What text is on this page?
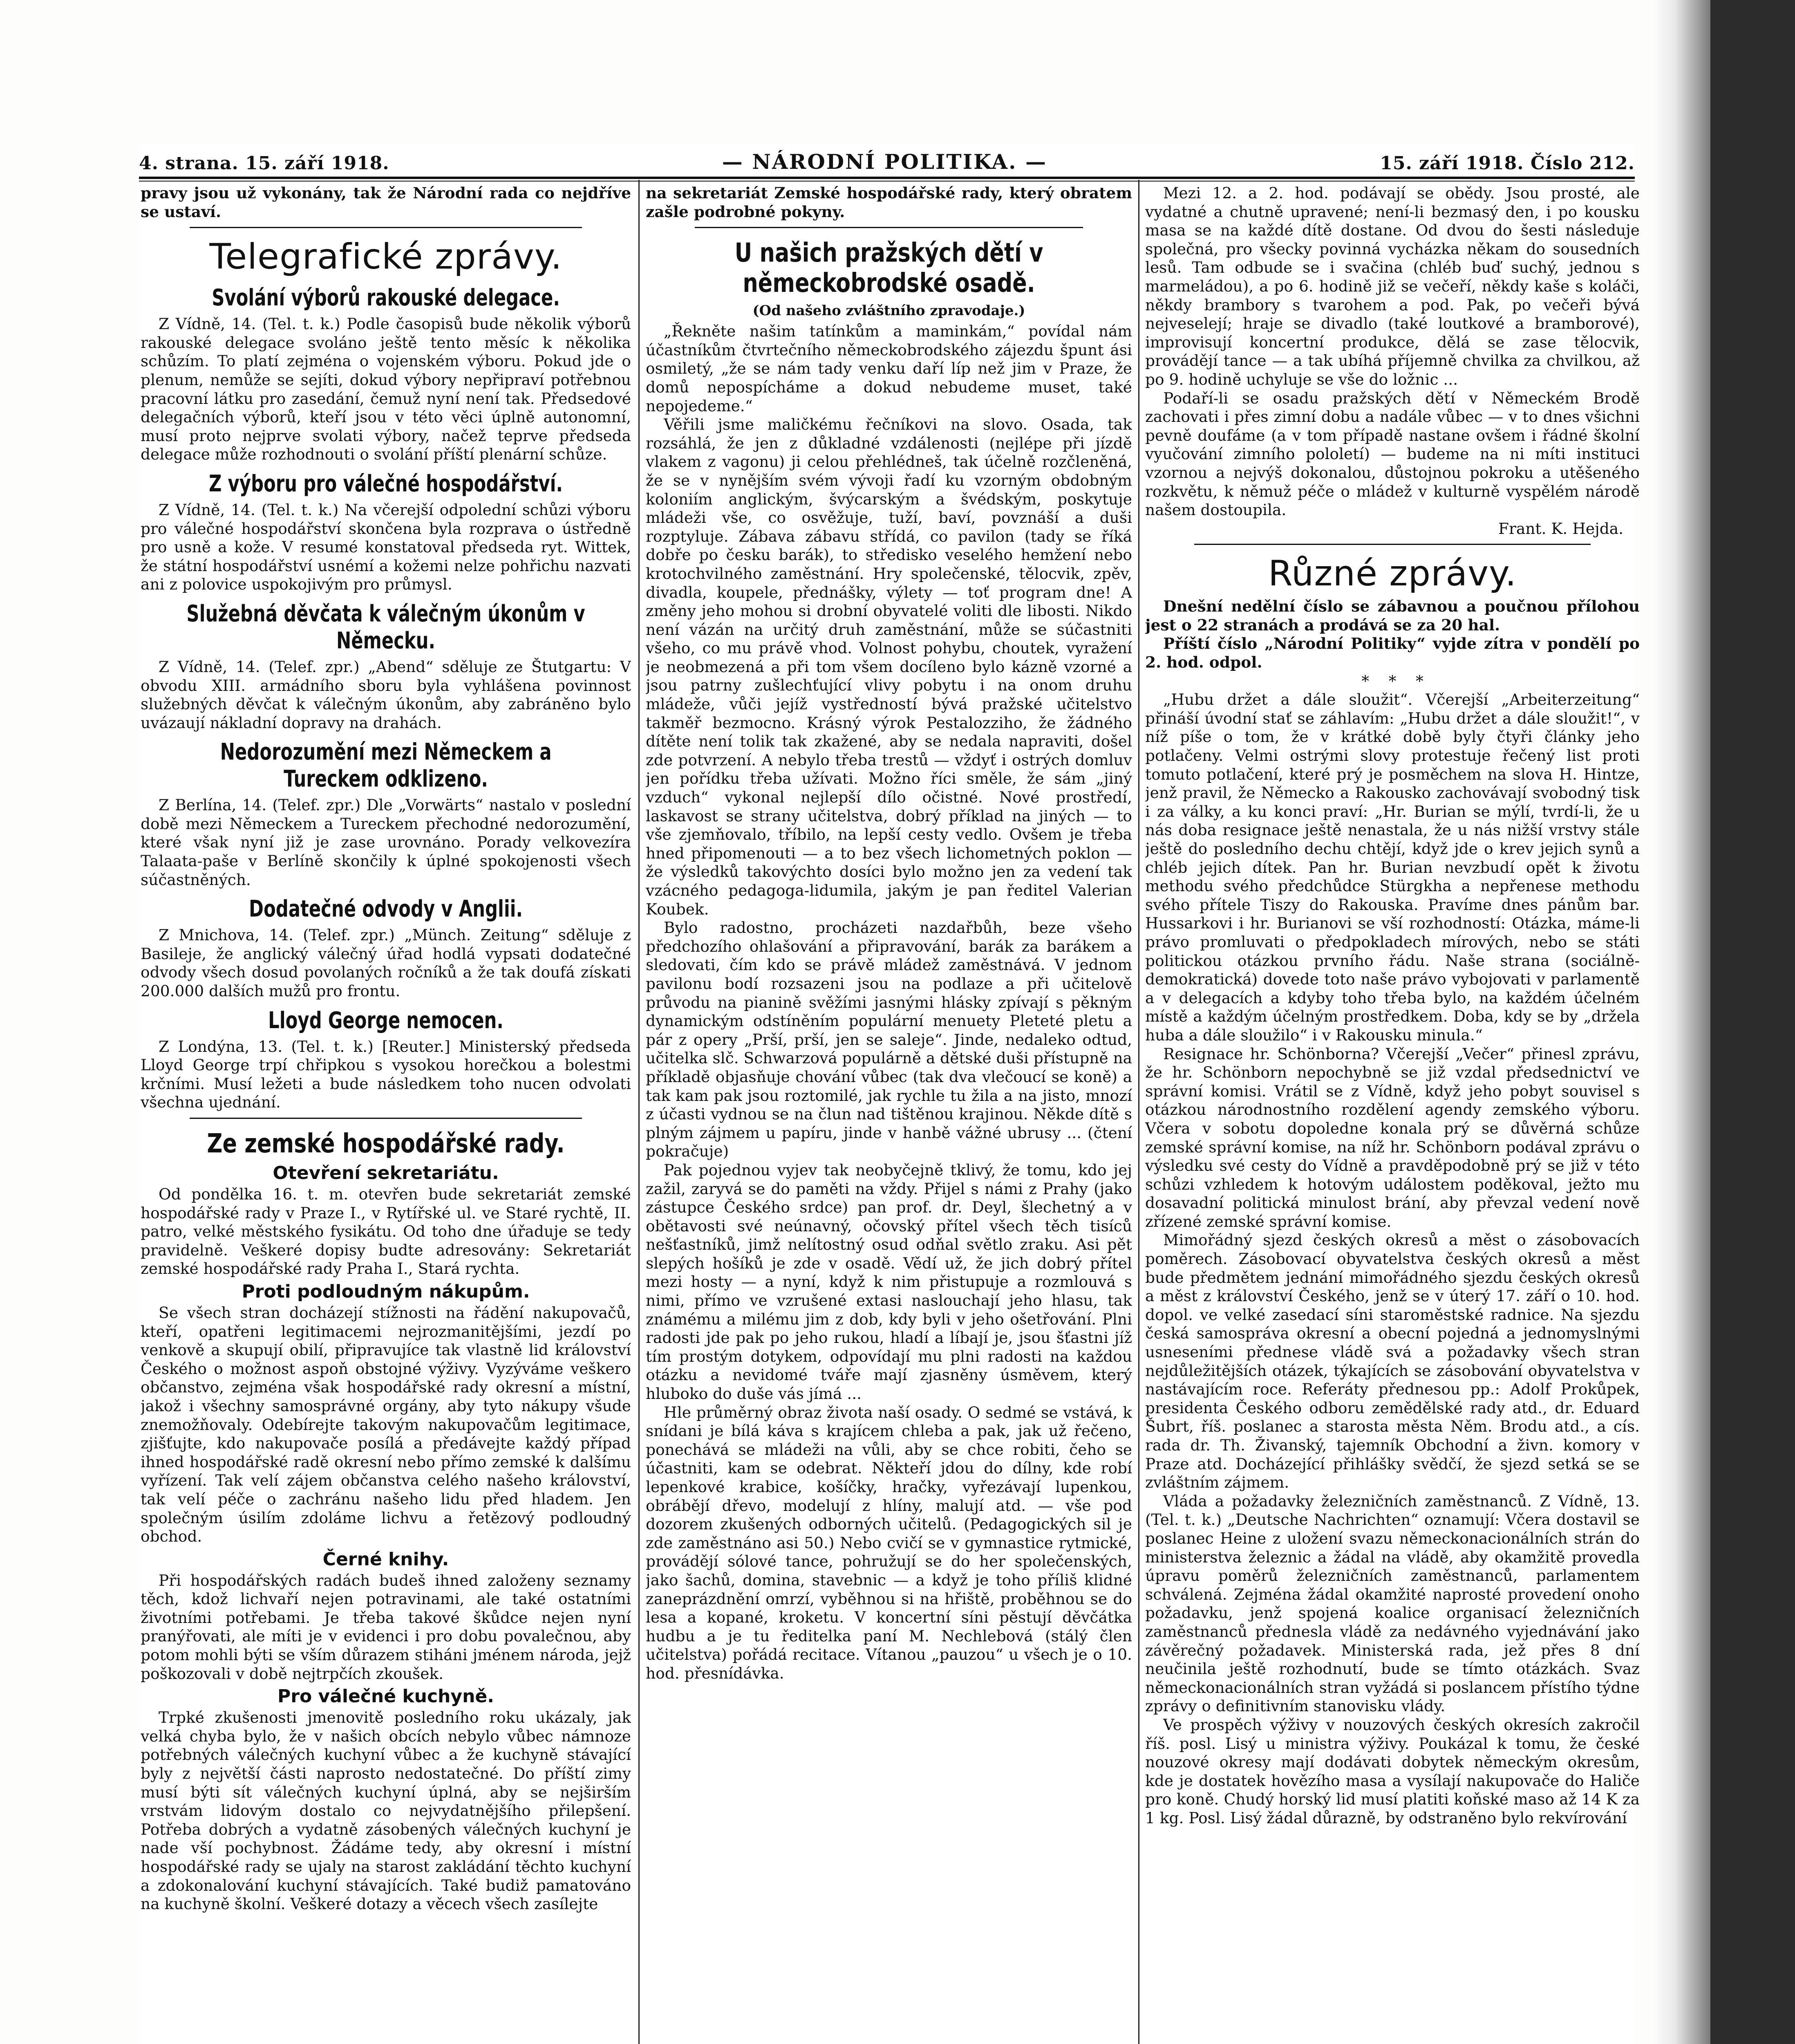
4. strana. 15. září 1918.	— NÁRODNÍ POLITIKA. —	15. září 1918. Číslo 212.

pravy jsou už vykonány, tak že Národní rada co nejdříve se ustaví.

Telegrafické zprávy.
Svolání výborů rakouské delegace.

Z Vídně, 14. (Tel. t. k.) Podle časopisů bude několik výborů rakouské delegace svoláno ještě tento měsíc k několika schůzím. To platí zejména o vojenském výboru. Pokud jde o plenum, nemůže se sejíti, dokud výbory nepřipraví potřebnou pracovní látku pro zasedání, čemuž nyní není tak. Předsedové delegačních výborů, kteří jsou v této věci úplně autonomní, musí proto nejprve svolati výbory, načež teprve předseda delegace může rozhodnouti o svolání příští plenární schůze.

Z výboru pro válečné hospodářství.

Z Vídně, 14. (Tel. t. k.) Na včerejší odpolední schůzi výboru pro válečné hospodářství skončena byla rozprava o ústředně pro usně a kože. V resumé konstatoval předseda ryt. Wittek, že státní hospodářství usnémí a kožemi nelze pohřichu nazvati ani z polovice uspokojivým pro průmysl.

Služebná děvčata k válečným úkonům v Německu.

Z Vídně, 14. (Telef. zpr.) „Abend“ sděluje ze Štutgartu: V obvodu XIII. armádního sboru byla vyhlášena povinnost služebných děvčat k válečným úkonům, aby zabráněno bylo uvázaují nákladní dopravy na drahách.

Nedorozumění mezi Německem a Tureckem odklizeno.

Z Berlína, 14. (Telef. zpr.) Dle „Vorwärts“ nastalo v poslední době mezi Německem a Tureckem přechodné nedorozumění, které však nyní již je zase urovnáno. Porady velkovezíra Talaata-paše v Berlíně skončily k úplné spokojenosti všech súčastněných.

Dodatečné odvody v Anglii.

Z Mnichova, 14. (Telef. zpr.) „Münch. Zeitung“ sděluje z Basileje, že anglický válečný úřad hodlá vypsati dodatečné odvody všech dosud povolaných ročníků a že tak doufá získati 200.000 dalších mužů pro frontu.

Lloyd George nemocen.

Z Londýna, 13. (Tel. t. k.) [Reuter.] Ministerský předseda Lloyd George trpí chřipkou s vysokou horečkou a bolestmi krčními. Musí ležeti a bude následkem toho nucen odvolati všechna ujednání.

Ze zemské hospodářské rady.
Otevření sekretariátu.

Od pondělka 16. t. m. otevřen bude sekretariát zemské hospodářské rady v Praze I., v Rytířské ul. ve Staré rychtě, II. patro, velké městského fysikátu. Od toho dne úřaduje se tedy pravidelně. Veškeré dopisy budte adresovány: Sekretariát zemské hospodářské rady Praha I., Stará rychta.

Proti podloudným nákupům.

Se všech stran docházejí stížnosti na řádění nakupovačů, kteří, opatřeni legitimacemi nejrozmanitějšími, jezdí po venkově a skupují obilí, připravujíce tak vlastně lid království Českého o možnost aspoň obstojné výživy. Vyzýváme veškero občanstvo, zejména však hospodářské rady okresní a místní, jakož i všechny samosprávné orgány, aby tyto nákupy všude znemožňovaly. Odebírejte takovým nakupovačům legitimace, zjišťujte, kdo nakupovače posílá a předávejte každý případ ihned hospodářské radě okresní nebo přímo zemské k dalšímu vyřízení. Tak velí zájem občanstva celého našeho království, tak velí péče o zachránu našeho lidu před hladem. Jen společným úsilím zdoláme lichvu a řetězový podloudný obchod.

Černé knihy.

Při hospodářských radách budeš ihned založeny seznamy těch, kdož lichvaří nejen potravinami, ale také ostatními životními potřebami. Je třeba takové škůdce nejen nyní pranýřovati, ale míti je v evidenci i pro dobu povalečnou, aby potom mohli býti se vším důrazem stiháni jménem národa, jejž poškozovali v době nejtrpčích zkoušek.

Pro válečné kuchyně.

Trpké zkušenosti jmenovitě posledního roku ukázaly, jak velká chyba bylo, že v našich obcích nebylo vůbec námnoze potřebných válečných kuchyní vůbec a že kuchyně stávající byly z největší části naprosto nedostatečné. Do příští zimy musí býti sít válečných kuchyní úplná, aby se nejširším vrstvám lidovým dostalo co nejvydatnějšího přilepšení. Potřeba dobrých a vydatně zásobených válečných kuchyní je nade vší pochybnost. Žádáme tedy, aby okresní i místní hospodářské rady se ujaly na starost zakládání těchto kuchyní a zdokonalování kuchyní stávajících. Také budiž pamatováno na kuchyně školní. Veškeré dotazy a věcech všech zasílejte

na sekretariát Zemské hospodářské rady, který obratem zašle podrobné pokyny.

U našich pražských dětí v německobrodské osadě.
(Od našeho zvláštního zpravodaje.)

„Řekněte našim tatínkům a maminkám,“ povídal nám účastníkům čtvrtečního německobrodského zájezdu špunt ási osmiletý, „že se nám tady venku daří líp než jim v Praze, že domů nepospícháme a dokud nebudeme muset, také nepojedeme.“

Věřili jsme maličkému řečníkovi na slovo. Osada, tak rozsáhlá, že jen z důkladné vzdálenosti (nejlépe při jízdě vlakem z vagonu) ji celou přehlédneš, tak účelně rozčleněná, že se v nynějším svém vývoji řadí ku vzorným obdobným koloniím anglickým, švýcarským a švédským, poskytuje mládeži vše, co osvěžuje, tuží, baví, povznáší a duši rozptyluje. Zábava zábavu střídá, co pavilon (tady se říká dobře po česku barák), to středisko veselého hemžení nebo krotochvilného zaměstnání. Hry společenské, tělocvik, zpěv, divadla, koupele, předn​ášky, výlety — toť program dne! A změny jeho mohou si drobní obyvatelé voliti dle libosti. Nikdo není vázán na určitý druh zaměstnání, může se súčastniti všeho, co mu právě vhod. Volnost pohybu, choutek, vyražení je neobmezená a při tom všem docíleno bylo kázně vzorné a jsou patrny zušlechťující vlivy pobytu i na onom druhu mládeže, vůči jejíž vystředností bývá pražské učitelstvo takměř bezmocno. Krásný výrok Pestalozziho, že žádného dítěte není tolik tak zkažené, aby se nedala napraviti, došel zde potvrzení. A nebylo třeba trestů — vždyť i ostrých domluv jen pořídku třeba užívati. Možno říci směle, že sám „jiný vzduch“ vykonal nejlepší dílo očistné. Nové prostředí, laskavost se strany učitelstva, dobrý příklad na jiných — to vše zjemňovalo, tříbilo, na lepší cesty vedlo. Ovšem je třeba hned připomenouti — a to bez všech lichometných poklon — že výsledků takovýchto dosíci bylo možno jen za vedení tak vzácného pedagoga-lidumila, jakým je pan ředitel Valerian Koubek.

Bylo radostno, procházeti nazdařbůh, beze všeho předchozího ohlašování a připravování, barák za barákem a sledovati, čím kdo se právě mládež zaměstnává. V jednom pavilonu bodí rozsazeni jsou na podlaze a při učitelově průvodu na pianině svěžími jasnými hlásky zpívají s pěkným dynamickým odstíněním populární menuety Pleteté pletu a pár z opery „Prší, prší, jen se saleje“. Jinde, nedaleko odtud, učitelka slč. Schwarzová populárně a dětské duši přístupně na příkladě objasňuje chování vůbec (tak dva vlečoucí se koně) a tak kam pak jsou roztomilé, jak rychle tu žila a na jisto, mnozí z účasti vydnou se na člun nad tištěnou krajinou. Někde dítě s plným zájmem u papíru, jinde v hanbě vážné ubrusy ... (čtení pokračuje)

Pak pojednou vyjev tak neobyčejně tklivý, že tomu, kdo jej zažil, zaryvá se do paměti na vždy. Přijel s námi z Prahy (jako zástupce Českého srdce) pan prof. dr. Deyl, šlechetný a v obětavosti své neúnavný, očovský přítel všech těch tisíců nešťastníků, jimž nelítostný osud odňal světlo zraku. Asi pět slepých hošíků je zde v osadě. Vědí už, že jich dobrý přítel mezi hosty — a nyní, když k nim přistupuje a rozmlouvá s nimi, přímo ve vzrušené extasi naslouchají jeho hlasu, tak známému a milému jim z dob, kdy byli v jeho ošetřování. Plni radosti jde pak po jeho rukou, hladí a líbají je, jsou šťastni jíž tím prostým dotykem, odpovídají mu plni radosti na každou otázku a nevidomé tváře mají zjasněny úsměvem, který hluboko do duše vás jímá ...

Hle průměrný obraz života naší osady. O sedmé se vstává, k snídani je bílá káva s krajícem chleba a pak, jak už řečeno, ponechává se mládeži na vůli, aby se chce robiti, čeho se účastniti, kam se odebrat. Někteří jdou do dílny, kde robí lepenkové krabice, košíčky, hračky, vyřezávají lupenkou, obrábějí dřevo, modelují z hlíny, malují atd. — vše pod dozorem zkušených odborných učitelů. (Pedagogických sil je zde zaměstnáno asi 50.) Nebo cvičí se v gymnastice rytmické, provádějí sólové tance, pohružují se do her společenských, jako šachů, domina, stavebnic — a když je toho příliš klidné zaneprázdnění omrzí, vyběhnou si na hřiště, proběhnou se do lesa a kopané, kroketu. V koncertní síni pěstují děvčátka hudbu a je tu ředitelka paní M. Nechlebová (stálý člen učitelstva) pořádá recitace. Vítanou „pauzou“ u všech je o 10. hod. přesnídávka.

Mezi 12. a 2. hod. podávají se obědy. Jsou prosté, ale vydatné a chutně upravené; není-li bezmasý den, i po kousku masa se na každé dítě dostane. Od dvou do šesti následuje společná, pro všecky povinná vycházka někam do sousedních lesů. Tam odbude se i svačina (chléb buď suchý, jednou s marmeládou), a po 6. hodině již se večeří, někdy kaše s koláči, někdy brambory s tvarohem a pod. Pak, po večeři bývá nejveselejí; hraje se divadlo (také loutkové a bramborové), improvisují koncertní produkce, dělá se zase tělocvik, provádějí tance — a tak ubíhá příjemně chvilka za chvilkou, až po 9. hodině uchyluje se vše do ložnic ...

Podaří-li se osadu pražských dětí v Německém Brodě zachovati i přes zimní dobu a nadále vůbec — v to dnes všichni pevně doufáme (a v tom případě nastane ovšem i řádné školní vyučování zimního pololetí) — budeme na ni míti instituci vzornou a nejvýš dokonalou, důstojnou pokroku a utěšeného rozkvětu, k němuž péče o mládež v kulturně vyspělém národě našem dostoupila.

Frant. K. Hejda.

Různé zprávy.

Dnešní nedělní číslo se zábavnou a poučnou přílohou jest o 22 stranách a prodává se za 20 hal.

Příští číslo „Národní Politiky“ vyjde zítra v pondělí po 2. hod. odpol.

*    *    *

„Hubu držet a dále sloužit“. Včerejší „Arbeiterzeitung“ přináší úvodní stať se záhlavím: „Hubu držet a dále sloužit!“, v níž píše o tom, že v krátké době byly čtyři články jeho potlačeny. Velmi ostrými slovy protestuje řečený list proti tomuto potlačení, které prý je posměchem na slova H. Hintze, jenž pravil, že Německo a Rakousko zachovávají svobodný tisk i za války, a ku konci praví: „Hr. Burian se mýlí, tvrdí-li, že u nás doba resignace ještě nenastala, že u nás nižší vrstvy stále ještě do posledního dechu chtějí, když jde o krev jejich synů a chléb jejich dítek. Pan hr. Burian nevzbudí opět k životu methodu svého předchůdce Stürgkha a nepřenese methodu svého přítele Tiszy do Rakouska. Pravíme dnes pánům bar. Hussarkovi i hr. Burianovi se vší rozhodností: Otázka, máme-li právo promluvati o předpokladech mírových, nebo se státi politickou otázkou prvního řádu. Naše strana (sociálně-demokratická) dovede toto naše právo vybojovati v parlamentě a v delegacích a kdyby toho třeba bylo, na každém účelném místě a každým účelným prostředkem. Doba, kdy se by „držela huba a dále sloužilo“ i v Rakousku minula.“

Resignace hr. Schönborna? Včerejší „Večer“ přinesl zprávu, že hr. Schönborn nepochybně se již vzdal předsednictví ve správní komisi. Vrátil se z Vídně, když jeho pobyt souvisel s otázkou národnostního rozdělení agendy zemského výboru. Včera v sobotu dopoledne konala prý se důvěrná schůze zemské správní komise, na níž hr. Schönborn podával zprávu o výsledku své cesty do Vídně a pravděpodobně prý se již v této schůzi vzhledem k hotovým událostem poděkoval, ježto mu dosavadní politická minulost brání, aby převzal vedení nově zřízené zemské správní komise.

Mimořádný sjezd českých okresů a měst o zásobovacích poměrech. Zásobovací obyvatelstva českých okresů a měst bude předmětem jednání mimořádného sjezdu českých okresů a měst z království Českého, jenž se v úterý 17. září o 10. hod. dopol. ve velké zasedací síni staroměstské radnice. Na sjezdu česká samospráva okresní a obecní pojedná a jednomyslnými usneseními přednese vládě svá a požadavky všech stran nejdůležitějších otázek, týkajících se zásobování obyvatelstva v nastávajícím roce. Referáty přednesou pp.: Adolf Prokůpek, presidenta Českého odboru zemědělské rady atd., dr. Eduard Šubrt, říš. poslanec a starosta města Něm. Brodu atd., a cís. rada dr. Th. Živanský, tajemník Obchodní a živn. komory v Praze atd. Docházející přihlášky svědčí, že sjezd setká se se zvláštním zájmem.

Vláda a požadavky železničních zaměstnanců. Z Vídně, 13. (Tel. t. k.) „Deutsche Nachrichten“ oznamují: Včera dostavil se poslanec Heine z uložení svazu německonacionálních strán do ministerstva železnic a žádal na vládě, aby okamžitě provedla úpravu poměrů železničních zaměstnanců, parlamentem schválená. Zejména žádal okamžité naprosté provedení onoho požadavku, jenž spojená koalice organisací železničních zaměstnanců přednesla vládě za nedávného vyjednávání jako závěrečný požadavek. Ministerská rada, jež přes 8 dní neučinila ještě rozhodnutí, bude se tímto otázkách. Svaz německonacionálních stran vyžádá si poslancem přístího týdne zprávy o definitivním stanovisku vlády.

Ve prospěch výživy v nouzových českých okresích zakročil říš. posl. Lisý u ministra výživy. Poukázal k tomu, že české nouzové okresy mají dodávati dobytek německým okresům, kde je dostatek hovězího masa a vysílají nakupovače do Haliče pro koně. Chudý horský lid musí platiti koňské maso až 14 K za 1 kg. Posl. Lisý žádal důrazně, by odstraněno bylo rekvírování
